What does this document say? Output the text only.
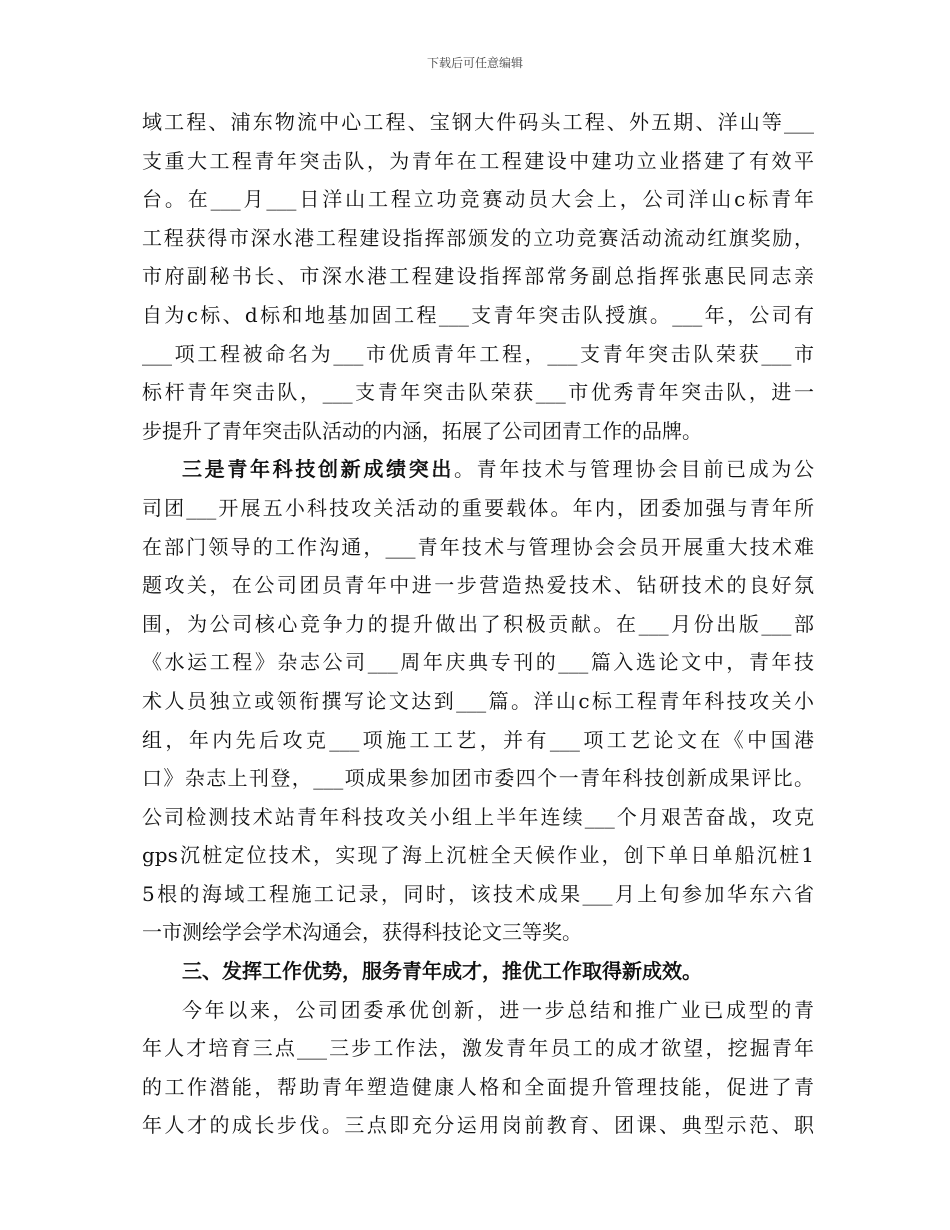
下载后可任意编辑
域工程、浦东物流中心工程、宝钢大件码头工程、外五期、洋山等___
支重大工程青年突击队，为青年在工程建设中建功立业搭建了有效平
台。在___月___日洋山工程立功竞赛动员大会上，公司洋山c标青年
工程获得市深水港工程建设指挥部颁发的立功竞赛活动流动红旗奖励，
市府副秘书长、市深水港工程建设指挥部常务副总指挥张惠民同志亲
自为c标、d标和地基加固工程___支青年突击队授旗。___年，公司有
___项工程被命名为___市优质青年工程，___支青年突击队荣获___市
标杆青年突击队，___支青年突击队荣获___市优秀青年突击队，进一
步提升了青年突击队活动的内涵，拓展了公司团青工作的品牌。
三是青年科技创新成绩突出。青年技术与管理协会目前已成为公
司团___开展五小科技攻关活动的重要载体。年内，团委加强与青年所
在部门领导的工作沟通，___青年技术与管理协会会员开展重大技术难
题攻关，在公司团员青年中进一步营造热爱技术、钻研技术的良好氛
围，为公司核心竞争力的提升做出了积极贡献。在___月份出版___部
《水运工程》杂志公司___周年庆典专刊的___篇入选论文中，青年技
术人员独立或领衔撰写论文达到___篇。洋山c标工程青年科技攻关小
组，年内先后攻克___项施工工艺，并有___项工艺论文在《中国港
口》杂志上刊登，___项成果参加团市委四个一青年科技创新成果评比。
公司检测技术站青年科技攻关小组上半年连续___个月艰苦奋战，攻克
gps沉桩定位技术，实现了海上沉桩全天候作业，创下单日单船沉桩1
5根的海域工程施工记录，同时，该技术成果___月上旬参加华东六省
一市测绘学会学术沟通会，获得科技论文三等奖。
三、发挥工作优势，服务青年成才，推优工作取得新成效。
今年以来，公司团委承优创新，进一步总结和推广业已成型的青
年人才培育三点___三步工作法，激发青年员工的成才欲望，挖掘青年
的工作潜能，帮助青年塑造健康人格和全面提升管理技能，促进了青
年人才的成长步伐。三点即充分运用岗前教育、团课、典型示范、职
